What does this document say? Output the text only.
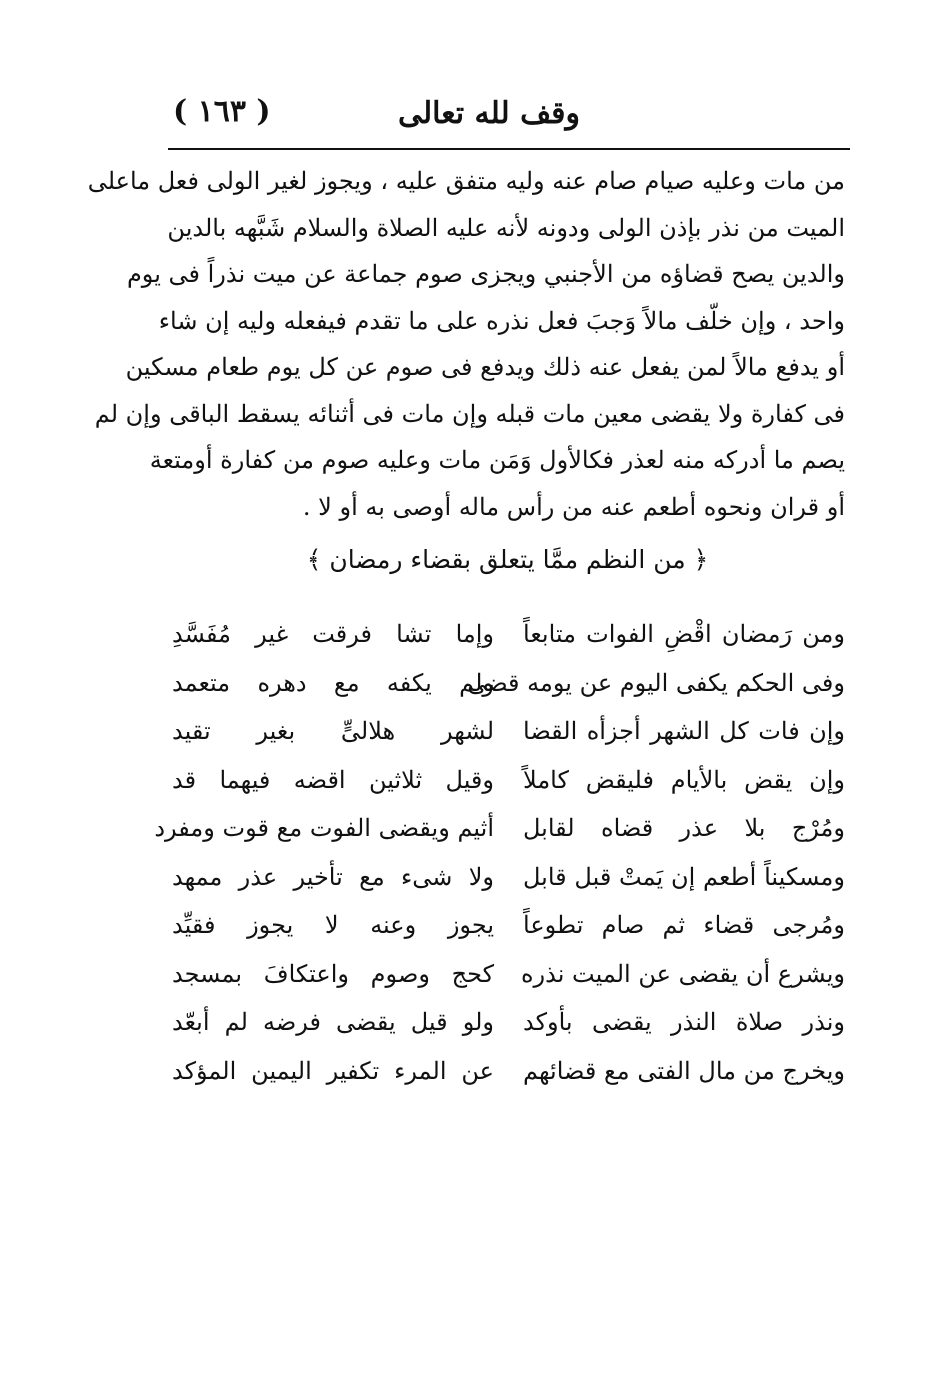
وقف لله تعالى
( ١٦٣ )
من مات وعليه صيام صام عنه وليه متفق عليه ، ويجوز لغير الولى فعل ماعلى
الميت من نذر بإذن الولى ودونه لأنه عليه الصلاة والسلام شَبَّهه بالدين
والدين يصح قضاؤه من الأجنبي ويجزى صوم جماعة عن ميت نذراً فى يوم
واحد ، وإن خلّف مالاً وَجبَ فعل نذره على ما تقدم فيفعله وليه إن شاء
أو يدفع مالاً لمن يفعل عنه ذلك ويدفع فى صوم عن كل يوم طعام مسكين
فى كفارة ولا يقضى معين مات قبله وإن مات فى أثنائه يسقط الباقى وإن لم
يصم ما أدركه منه لعذر فكالأول وَمَن مات وعليه صوم من كفارة أومتعة
أو قران ونحوه أطعم عنه من رأس ماله أوصى به أو لا .
﴿ من النظم ممَّا يتعلق بقضاء رمضان ﴾
ومن رَمضان اقْضِ الفوات متابعاً
وإما تشا فرقت غير مُفَسَّدِ
وفى الحكم يكفى اليوم عن يومه قضى
ولم يكفه مع دهره متعمد
وإن فات كل الشهر أجزأه القضا
لشهر هلالىٍّ بغير تقيد
وإن يقض بالأيام فليقض كاملاً
وقيل ثلاثين اقضه فيهما قد
ومُرْج بلا عذر قضاه لقابل
أثيم ويقضى الفوت مع قوت ومفرد
ومسكيناً أطعم إن يَمتْ قبل قابل
ولا شىء مع تأخير عذر ممهد
ومُرجى قضاء ثم صام تطوعاً
يجوز وعنه لا يجوز فقيِّد
ويشرع أن يقضى عن الميت نذره
كحج وصوم واعتكافَ بمسجد
ونذر صلاة النذر يقضى بأوكد
ولو قيل يقضى فرضه لم أبعّد
ويخرج من مال الفتى مع قضائهم
عن المرء تكفير اليمين المؤكد
